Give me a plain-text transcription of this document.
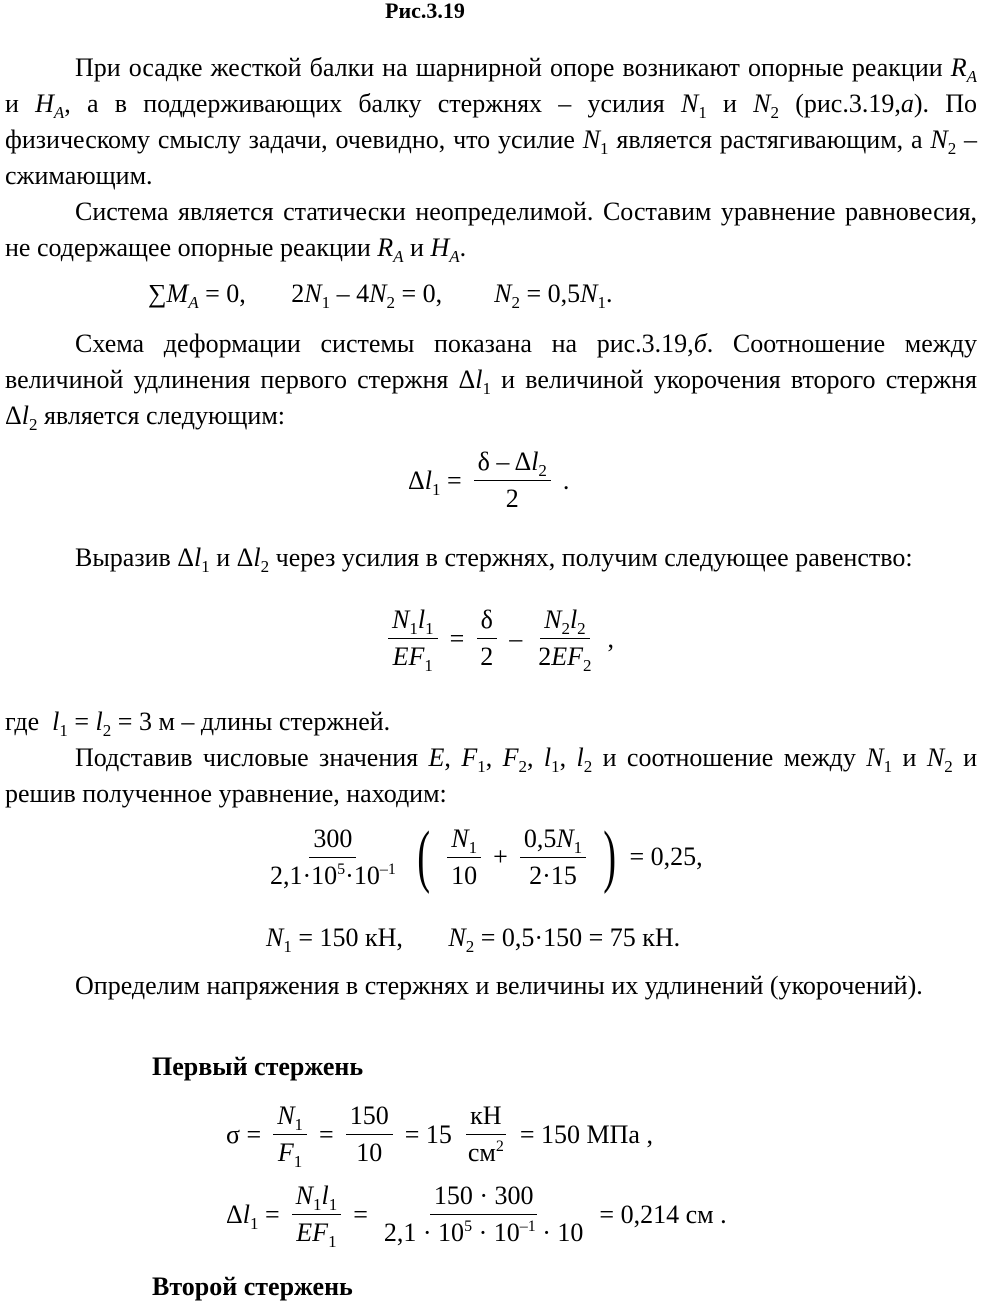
Рис.3.19

При осадке жесткой балки на шарнирной опоре возникают опорные реакции $R_A$ и $H_A$, а в поддерживающих балку стержнях – усилия $N_1$ и $N_2$ (рис.3.19,а). По физическому смыслу задачи, очевидно, что усилие $N_1$ является растягивающим, а $N_2$ – сжимающим.

Система является статически неопределимой. Составим уравнение равновесия, не содержащее опорные реакции $R_A$ и $H_A$.

$\sum M_A = 0$,       $2N_1 - 4N_2 = 0$,        $N_2 = 0,5N_1$.

Схема деформации системы показана на рис.3.19,б. Соотношение между величиной удлинения первого стержня $\Delta l_1$ и величиной укорочения второго стержня $\Delta l_2$ является следующим:

$\Delta l_1 = \frac{\delta - \Delta l_2}{2}$ .

Выразив $\Delta l_1$ и $\Delta l_2$ через усилия в стержнях, получим следующее равенство:

$\frac{N_1l_1}{EF_1} = \frac{\delta}{2} - \frac{N_2l_2}{2EF_2}$ ,
где  $l_1 = l_2 = 3$ м – длины стержней.

Подставив числовые значения E, $F_1$, $F_2$, $l_1$, $l_2$ и соотношение между $N_1$ и $N_2$ и решив полученное уравнение, находим:

$\frac{300}{2,1\cdot 10^5\cdot 10^{-1}}$ ( $\frac{N_1}{10} + \frac{0,5N_1}{2\cdot 15}$ ) = 0,25,
$N_1 = 150$ кН,       $N_2 = 0,5\cdot 150 = 75$ кН.

Определим напряжения в стержнях и величины их удлинений (укорочений).

Первый стержень
$\sigma = \frac{N_1}{F_1} = \frac{150}{10} = 15 \frac{кН}{см^2} = 150$ МПа ,
$\Delta l_1 = \frac{N_1l_1}{EF_1} = \frac{150 \cdot 300}{2,1 \cdot 10^5 \cdot 10^{-1} \cdot 10} = 0,214$ см .
Второй стержень
